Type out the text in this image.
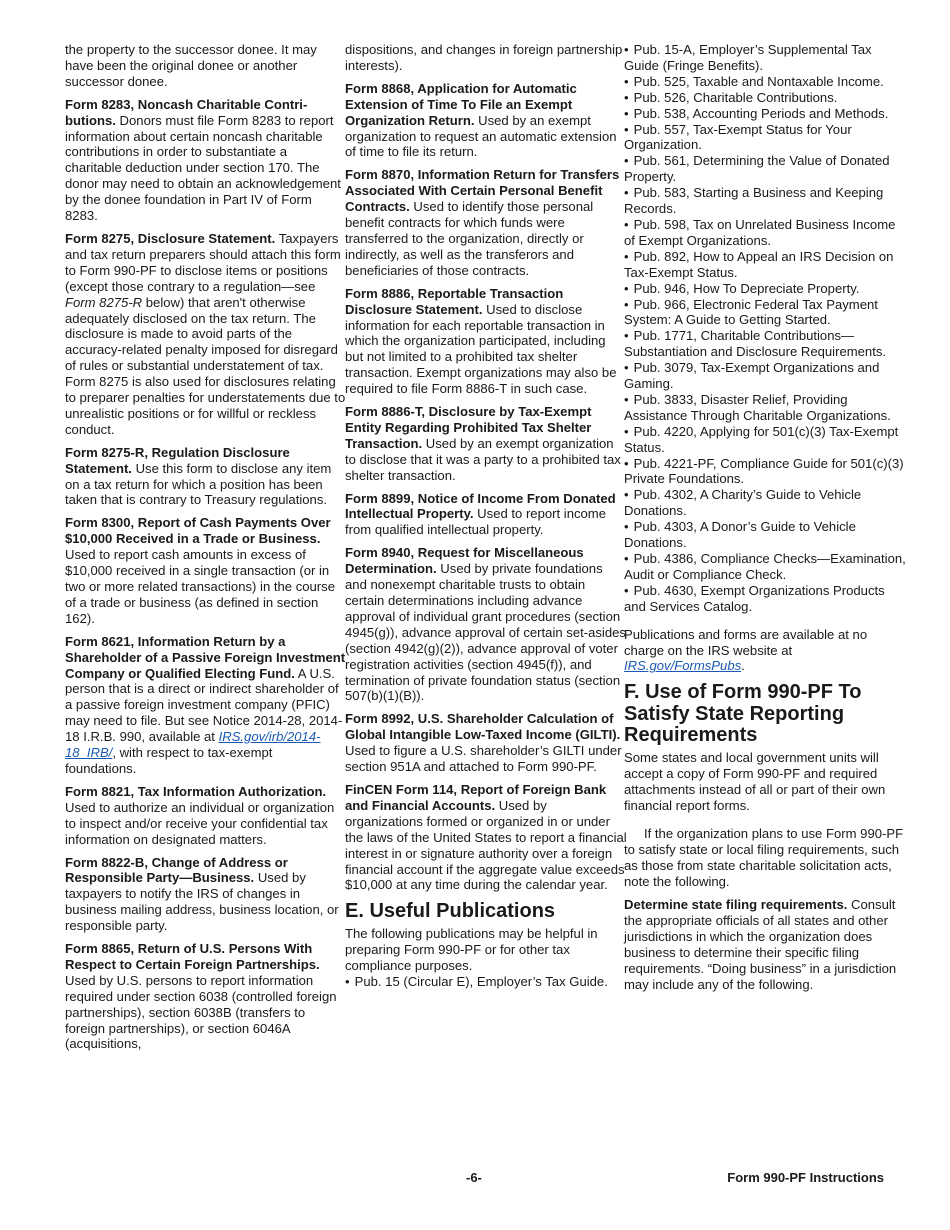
the property to the successor donee. It may have been the original donee or another successor donee.

Form 8283, Noncash Charitable Contributions. Donors must file Form 8283 to report information about certain noncash charitable contributions in order to substantiate a charitable deduction under section 170. The donor may need to obtain an acknowledgement by the donee foundation in Part IV of Form 8283.

Form 8275, Disclosure Statement. Taxpayers and tax return preparers should attach this form to Form 990-PF to disclose items or positions (except those contrary to a regulation—see Form 8275-R below) that aren't otherwise adequately disclosed on the tax return. The disclosure is made to avoid parts of the accuracy-related penalty imposed for disregard of rules or substantial understatement of tax. Form 8275 is also used for disclosures relating to preparer penalties for understatements due to unrealistic positions or for willful or reckless conduct.

Form 8275-R, Regulation Disclosure Statement. Use this form to disclose any item on a tax return for which a position has been taken that is contrary to Treasury regulations.

Form 8300, Report of Cash Payments Over $10,000 Received in a Trade or Business. Used to report cash amounts in excess of $10,000 received in a single transaction (or in two or more related transactions) in the course of a trade or business (as defined in section 162).

Form 8621, Information Return by a Shareholder of a Passive Foreign Investment Company or Qualified Electing Fund. A U.S. person that is a direct or indirect shareholder of a passive foreign investment company (PFIC) may need to file. But see Notice 2014-28, 2014-18 I.R.B. 990, available at IRS.gov/irb/2014-18_IRB/, with respect to tax-exempt foundations.

Form 8821, Tax Information Authorization. Used to authorize an individual or organization to inspect and/or receive your confidential tax information on designated matters.

Form 8822-B, Change of Address or Responsible Party—Business. Used by taxpayers to notify the IRS of changes in business mailing address, business location, or responsible party.

Form 8865, Return of U.S. Persons With Respect to Certain Foreign Partnerships. Used by U.S. persons to report information required under section 6038 (controlled foreign partnerships), section 6038B (transfers to foreign partnerships), or section 6046A (acquisitions,

dispositions, and changes in foreign partnership interests).

Form 8868, Application for Automatic Extension of Time To File an Exempt Organization Return. Used by an exempt organization to request an automatic extension of time to file its return.

Form 8870, Information Return for Transfers Associated With Certain Personal Benefit Contracts. Used to identify those personal benefit contracts for which funds were transferred to the organization, directly or indirectly, as well as the transferors and beneficiaries of those contracts.

Form 8886, Reportable Transaction Disclosure Statement. Used to disclose information for each reportable transaction in which the organization participated, including but not limited to a prohibited tax shelter transaction. Exempt organizations may also be required to file Form 8886-T in such case.

Form 8886-T, Disclosure by Tax-Exempt Entity Regarding Prohibited Tax Shelter Transaction. Used by an exempt organization to disclose that it was a party to a prohibited tax shelter transaction.

Form 8899, Notice of Income From Donated Intellectual Property. Used to report income from qualified intellectual property.

Form 8940, Request for Miscellaneous Determination. Used by private foundations and nonexempt charitable trusts to obtain certain determinations including advance approval of individual grant procedures (section 4945(g)), advance approval of certain set-asides (section 4942(g)(2)), advance approval of voter registration activities (section 4945(f)), and termination of private foundation status (section 507(b)(1)(B)).

Form 8992, U.S. Shareholder Calculation of Global Intangible Low-Taxed Income (GILTI). Used to figure a U.S. shareholder’s GILTI under section 951A and attached to Form 990-PF.

FinCEN Form 114, Report of Foreign Bank and Financial Accounts. Used by organizations formed or organized in or under the laws of the United States to report a financial interest in or signature authority over a foreign financial account if the aggregate value exceeds $10,000 at any time during the calendar year.

E. Useful Publications

The following publications may be helpful in preparing Form 990-PF or for other tax compliance purposes.

• Pub. 15 (Circular E), Employer’s Tax Guide.
• Pub. 15-A, Employer’s Supplemental Tax Guide (Fringe Benefits).
• Pub. 525, Taxable and Nontaxable Income.
• Pub. 526, Charitable Contributions.
• Pub. 538, Accounting Periods and Methods.
• Pub. 557, Tax-Exempt Status for Your Organization.
• Pub. 561, Determining the Value of Donated Property.
• Pub. 583, Starting a Business and Keeping Records.
• Pub. 598, Tax on Unrelated Business Income of Exempt Organizations.
• Pub. 892, How to Appeal an IRS Decision on Tax-Exempt Status.
• Pub. 946, How To Depreciate Property.
• Pub. 966, Electronic Federal Tax Payment System: A Guide to Getting Started.
• Pub. 1771, Charitable Contributions—Substantiation and Disclosure Requirements.
• Pub. 3079, Tax-Exempt Organizations and Gaming.
• Pub. 3833, Disaster Relief, Providing Assistance Through Charitable Organizations.
• Pub. 4220, Applying for 501(c)(3) Tax-Exempt Status.
• Pub. 4221-PF, Compliance Guide for 501(c)(3) Private Foundations.
• Pub. 4302, A Charity’s Guide to Vehicle Donations.
• Pub. 4303, A Donor’s Guide to Vehicle Donations.
• Pub. 4386, Compliance Checks—Examination, Audit or Compliance Check.
• Pub. 4630, Exempt Organizations Products and Services Catalog.

Publications and forms are available at no charge on the IRS website at IRS.gov/FormsPubs.

F. Use of Form 990-PF To Satisfy State Reporting Requirements

Some states and local government units will accept a copy of Form 990-PF and required attachments instead of all or part of their own financial report forms.

If the organization plans to use Form 990-PF to satisfy state or local filing requirements, such as those from state charitable solicitation acts, note the following.

Determine state filing requirements. Consult the appropriate officials of all states and other jurisdictions in which the organization does business to determine their specific filing requirements. “Doing business” in a jurisdiction may include any of the following.

-6-	Form 990-PF Instructions
